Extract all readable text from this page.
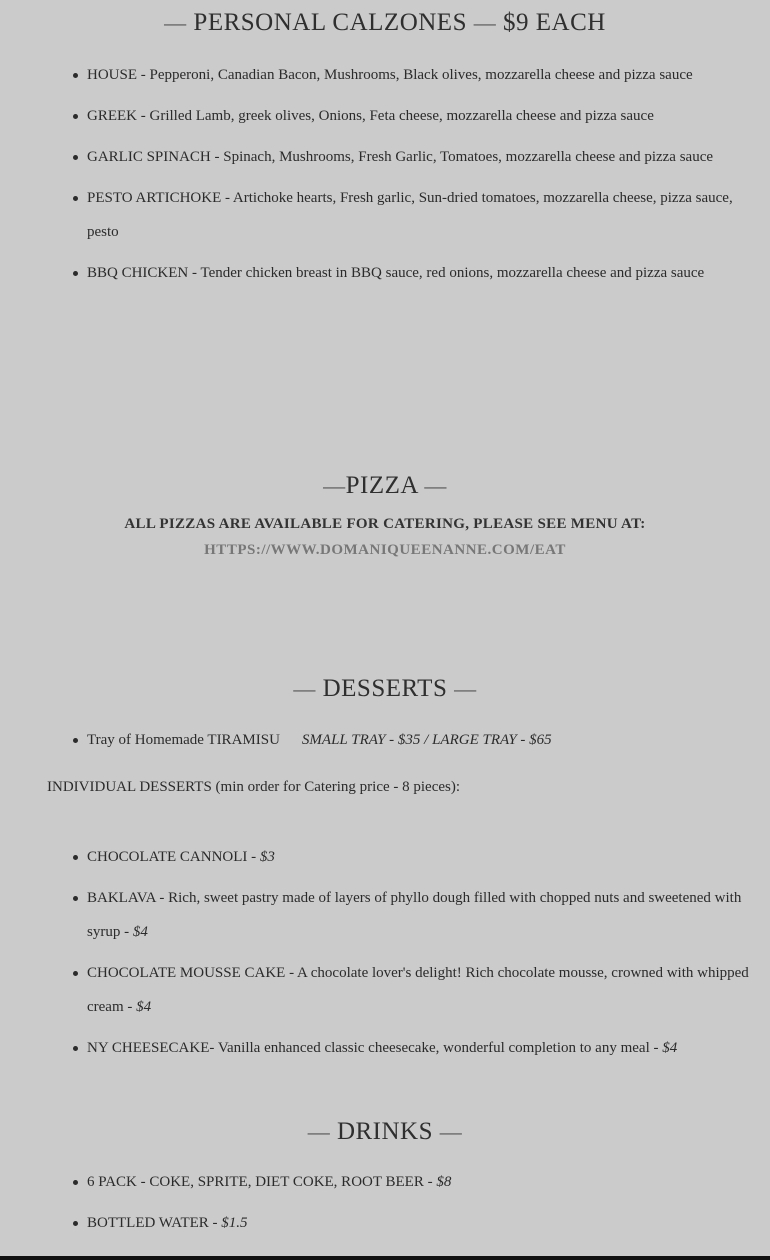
— PERSONAL CALZONES — $9 EACH
HOUSE - Pepperoni, Canadian Bacon, Mushrooms, Black olives, mozzarella cheese and pizza sauce
GREEK - Grilled Lamb, greek olives, Onions, Feta cheese, mozzarella cheese and pizza sauce
GARLIC SPINACH - Spinach, Mushrooms, Fresh Garlic, Tomatoes, mozzarella cheese and pizza sauce
PESTO ARTICHOKE - Artichoke hearts, Fresh garlic, Sun-dried tomatoes, mozzarella cheese, pizza sauce, pesto
BBQ CHICKEN - Tender chicken breast in BBQ sauce, red onions, mozzarella cheese and pizza sauce
—PIZZA —
ALL PIZZAS ARE AVAILABLE FOR CATERING, PLEASE SEE MENU AT:
HTTPS://WWW.DOMANIQUEENANNE.COM/EAT
— DESSERTS —
Tray of Homemade TIRAMISU SMALL TRAY - $35 / LARGE TRAY - $65
INDIVIDUAL DESSERTS (min order for Catering price - 8 pieces):
CHOCOLATE CANNOLI - $3
BAKLAVA - Rich, sweet pastry made of layers of phyllo dough filled with chopped nuts and sweetened with syrup - $4
CHOCOLATE MOUSSE CAKE - A chocolate lover's delight! Rich chocolate mousse, crowned with whipped cream - $4
NY CHEESECAKE- Vanilla enhanced classic cheesecake, wonderful completion to any meal - $4
— DRINKS —
6 PACK - COKE, SPRITE, DIET COKE, ROOT BEER - $8
BOTTLED WATER - $1.5
